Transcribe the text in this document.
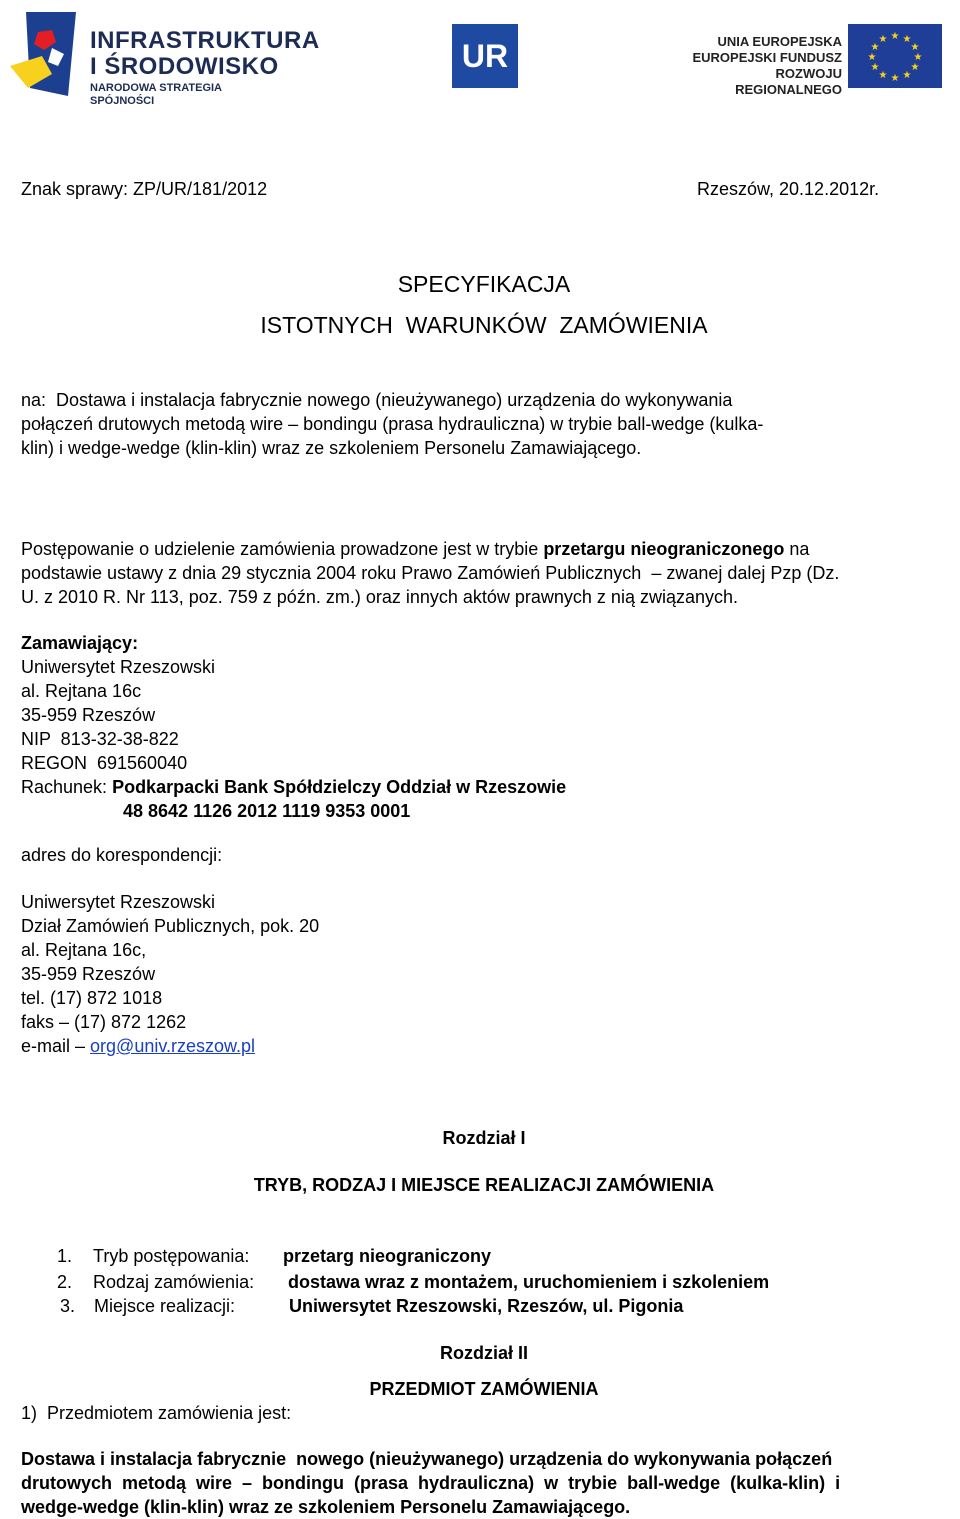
INFRASTRUKTURA
I ŚRODOWISKO
NARODOWA STRATEGIA SPÓJNOŚCI
UR	UNIA EUROPEJSKA
EUROPEJSKI FUNDUSZ
ROZWOJU REGIONALNEGO
★ ★
★
★
★
★
★
★
★
★
★
★
Znak sprawy: ZP/UR/181/2012	Rzeszów, 20.12.2012r.
SPECYFIKACJA
ISTOTNYCH  WARUNKÓW  ZAMÓWIENIA
na: Dostawa i instalacja fabrycznie nowego (nieużywanego) urządzenia do wykonywania
połączeń drutowych metodą wire – bondingu (prasa hydrauliczna) w trybie ball-wedge (kulka-
klin) i wedge-wedge (klin-klin) wraz ze szkoleniem Personelu Zamawiającego.
Postępowanie o udzielenie zamówienia prowadzone jest w trybie przetargu nieograniczonego na
podstawie ustawy z dnia 29 stycznia 2004 roku Prawo Zamówień Publicznych  – zwanej dalej Pzp (Dz.
U. z 2010 R. Nr 113, poz. 759 z późn. zm.) oraz innych aktów prawnych z nią związanych.
Zamawiający:
Uniwersytet Rzeszowski
al. Rejtana 16c
35-959 Rzeszów
NIP  813-32-38-822
REGON  691560040
Rachunek: Podkarpacki Bank Spółdzielczy Oddział w Rzeszowie
48 8642 1126 2012 1119 9353 0001
adres do korespondencji:
Uniwersytet Rzeszowski
Dział Zamówień Publicznych, pok. 20
al. Rejtana 16c,
35-959 Rzeszów
tel. (17) 872 1018
faks – (17) 872 1262
e-mail – org@univ.rzeszow.pl
Rozdział I
TRYB, RODZAJ I MIEJSCE REALIZACJI ZAMÓWIENIA
1. Tryb postępowania: przetarg nieograniczony
2. Rodzaj zamówienia: dostawa wraz z montażem, uruchomieniem i szkoleniem
3. Miejsce realizacji:	Uniwersytet Rzeszowski, Rzeszów, ul. Pigonia
Rozdział II
PRZEDMIOT ZAMÓWIENIA
1)  Przedmiotem zamówienia jest:
Dostawa i instalacja fabrycznie  nowego (nieużywanego) urządzenia do wykonywania połączeń
drutowych  metodą  wire  –  bondingu  (prasa  hydrauliczna)  w  trybie  ball-wedge  (kulka-klin)  i
wedge-wedge (klin-klin) wraz ze szkoleniem Personelu Zamawiającego.
